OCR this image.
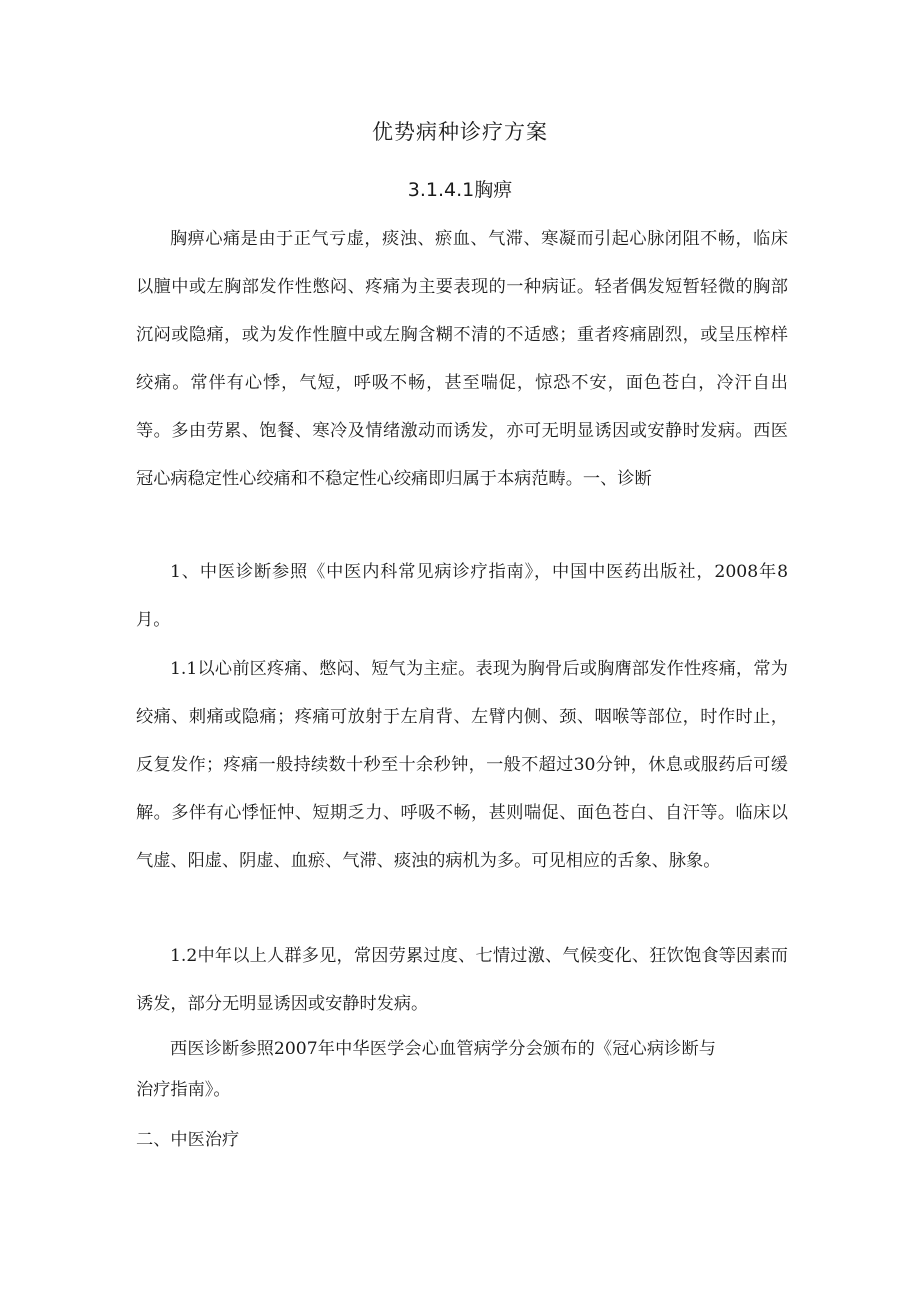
优势病种诊疗方案
3.1.4.1胸痹

胸痹心痛是由于正气亏虚，痰浊、瘀血、气滞、寒凝而引起心脉闭阻不畅，临床以膻中或左胸部发作性憋闷、疼痛为主要表现的一种病证。轻者偶发短暂轻微的胸部沉闷或隐痛，或为发作性膻中或左胸含糊不清的不适感；重者疼痛剧烈，或呈压榨样绞痛。常伴有心悸，气短，呼吸不畅，甚至喘促，惊恐不安，面色苍白，冷汗自出等。多由劳累、饱餐、寒冷及情绪激动而诱发，亦可无明显诱因或安静时发病。西医冠心病稳定性心绞痛和不稳定性心绞痛即归属于本病范畴。一、诊断

1、中医诊断参照《中医内科常见病诊疗指南》，中国中医药出版社，2008年8月。

1.1以心前区疼痛、憋闷、短气为主症。表现为胸骨后或胸膺部发作性疼痛，常为绞痛、刺痛或隐痛；疼痛可放射于左肩背、左臂内侧、颈、咽喉等部位，时作时止，反复发作；疼痛一般持续数十秒至十余秒钟，一般不超过30分钟，休息或服药后可缓解。多伴有心悸怔忡、短期乏力、呼吸不畅，甚则喘促、面色苍白、自汗等。临床以气虚、阳虚、阴虚、血瘀、气滞、痰浊的病机为多。可见相应的舌象、脉象。

1.2中年以上人群多见，常因劳累过度、七情过激、气候变化、狂饮饱食等因素而诱发，部分无明显诱因或安静时发病。

西医诊断参照2007年中华医学会心血管病学分会颁布的《冠心病诊断与治疗指南》。

二、中医治疗
